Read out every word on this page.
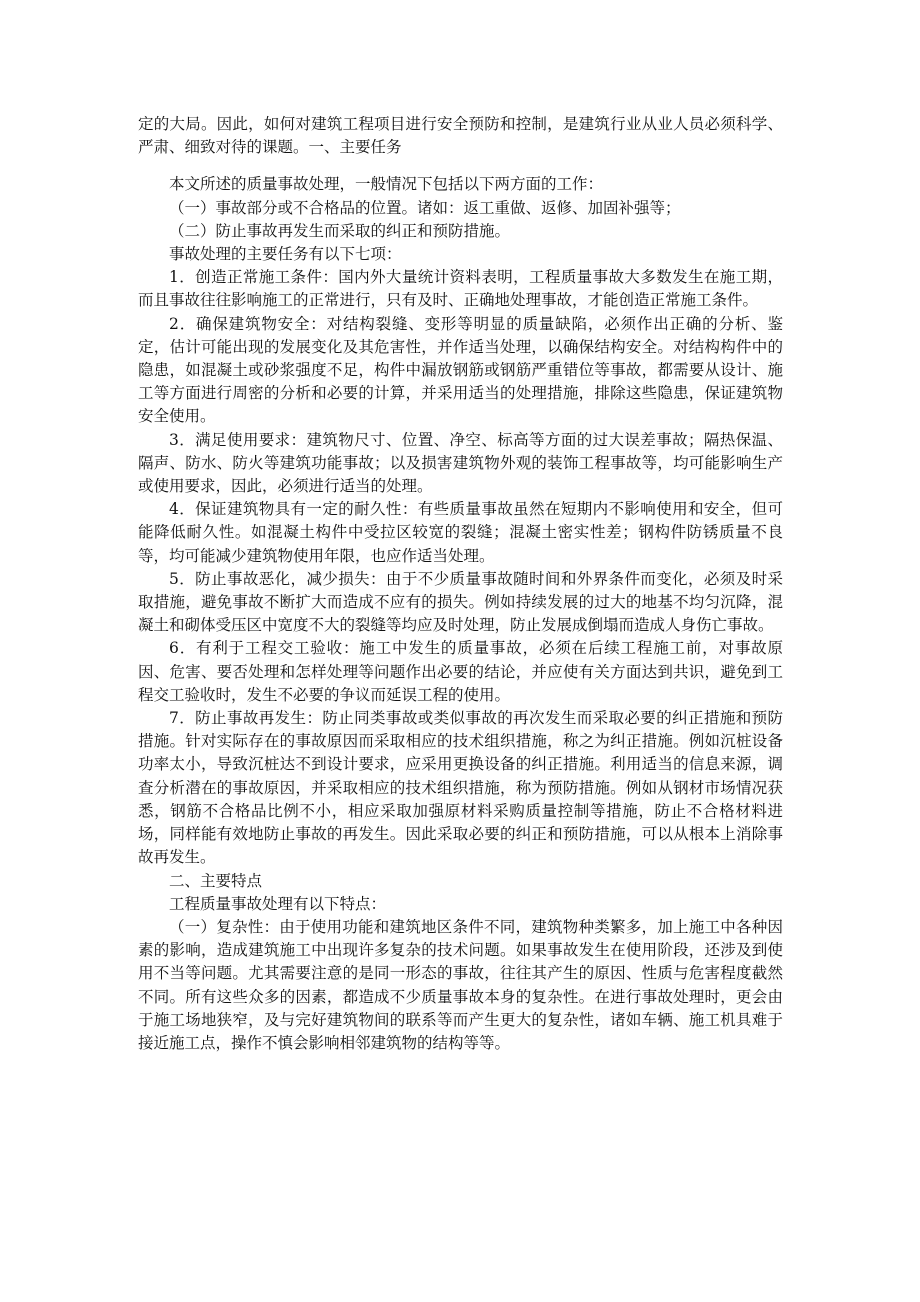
定的大局。因此，如何对建筑工程项目进行安全预防和控制，是建筑行业从业人员必须科学、严肃、细致对待的课题。一、主要任务

本文所述的质量事故处理，一般情况下包括以下两方面的工作：

（一）事故部分或不合格品的位置。诸如：返工重做、返修、加固补强等；

（二）防止事故再发生而采取的纠正和预防措施。

事故处理的主要任务有以下七项：

1．创造正常施工条件：国内外大量统计资料表明，工程质量事故大多数发生在施工期，而且事故往往影响施工的正常进行，只有及时、正确地处理事故，才能创造正常施工条件。

2．确保建筑物安全：对结构裂缝、变形等明显的质量缺陷，必须作出正确的分析、鉴定，估计可能出现的发展变化及其危害性，并作适当处理，以确保结构安全。对结构构件中的隐患，如混凝土或砂浆强度不足，构件中漏放钢筋或钢筋严重错位等事故，都需要从设计、施工等方面进行周密的分析和必要的计算，并采用适当的处理措施，排除这些隐患，保证建筑物安全使用。

3．满足使用要求：建筑物尺寸、位置、净空、标高等方面的过大误差事故；隔热保温、隔声、防水、防火等建筑功能事故；以及损害建筑物外观的装饰工程事故等，均可能影响生产或使用要求，因此，必须进行适当的处理。

4．保证建筑物具有一定的耐久性：有些质量事故虽然在短期内不影响使用和安全，但可能降低耐久性。如混凝土构件中受拉区较宽的裂缝；混凝土密实性差；钢构件防锈质量不良等，均可能减少建筑物使用年限，也应作适当处理。

5．防止事故恶化，减少损失：由于不少质量事故随时间和外界条件而变化，必须及时采取措施，避免事故不断扩大而造成不应有的损失。例如持续发展的过大的地基不均匀沉降，混凝土和砌体受压区中宽度不大的裂缝等均应及时处理，防止发展成倒塌而造成人身伤亡事故。

6．有利于工程交工验收：施工中发生的质量事故，必须在后续工程施工前，对事故原因、危害、要否处理和怎样处理等问题作出必要的结论，并应使有关方面达到共识，避免到工程交工验收时，发生不必要的争议而延误工程的使用。

7．防止事故再发生：防止同类事故或类似事故的再次发生而采取必要的纠正措施和预防措施。针对实际存在的事故原因而采取相应的技术组织措施，称之为纠正措施。例如沉桩设备功率太小，导致沉桩达不到设计要求，应采用更换设备的纠正措施。利用适当的信息来源，调查分析潜在的事故原因，并采取相应的技术组织措施，称为预防措施。例如从钢材市场情况获悉，钢筋不合格品比例不小，相应采取加强原材料采购质量控制等措施，防止不合格材料进场，同样能有效地防止事故的再发生。因此采取必要的纠正和预防措施，可以从根本上消除事故再发生。

二、主要特点

工程质量事故处理有以下特点：

（一）复杂性：由于使用功能和建筑地区条件不同，建筑物种类繁多，加上施工中各种因素的影响，造成建筑施工中出现许多复杂的技术问题。如果事故发生在使用阶段，还涉及到使用不当等问题。尤其需要注意的是同一形态的事故，往往其产生的原因、性质与危害程度截然不同。所有这些众多的因素，都造成不少质量事故本身的复杂性。在进行事故处理时，更会由于施工场地狭窄，及与完好建筑物间的联系等而产生更大的复杂性，诸如车辆、施工机具难于接近施工点，操作不慎会影响相邻建筑物的结构等等。
